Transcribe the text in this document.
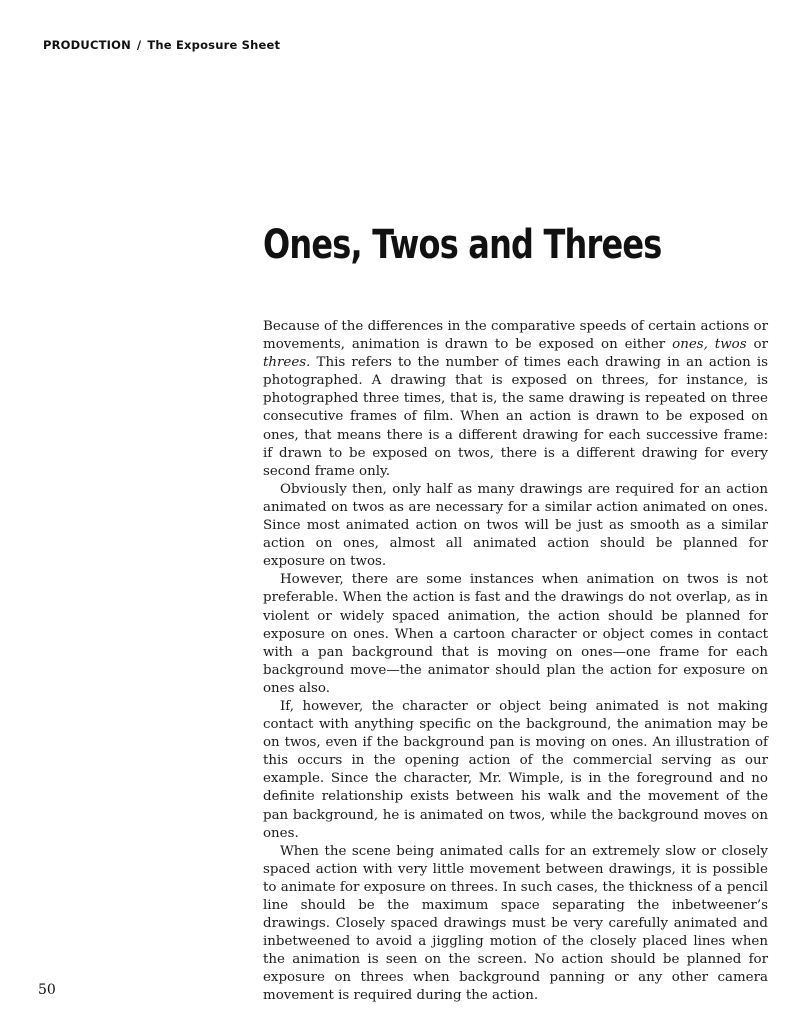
PRODUCTION / The Exposure Sheet
Ones, Twos and Threes

Because of the differences in the comparative speeds of certain actions or movements, animation is drawn to be exposed on either ones, twos or threes. This refers to the number of times each drawing in an action is photographed. A drawing that is exposed on threes, for instance, is photographed three times, that is, the same drawing is repeated on three consecutive frames of film. When an action is drawn to be exposed on ones, that means there is a different drawing for each successive frame: if drawn to be exposed on twos, there is a different drawing for every second frame only.

Obviously then, only half as many drawings are required for an action animated on twos as are necessary for a similar action animated on ones. Since most animated action on twos will be just as smooth as a similar action on ones, almost all animated action should be planned for exposure on twos.

However, there are some instances when animation on twos is not preferable. When the action is fast and the drawings do not overlap, as in violent or widely spaced animation, the action should be planned for exposure on ones. When a cartoon character or object comes in contact with a pan background that is moving on ones—one frame for each background move—the animator should plan the action for exposure on ones also.

If, however, the character or object being animated is not making contact with anything specific on the background, the animation may be on twos, even if the background pan is moving on ones. An illustration of this occurs in the opening action of the commercial serving as our example. Since the character, Mr. Wimple, is in the foreground and no definite relationship exists between his walk and the movement of the pan background, he is animated on twos, while the background moves on ones.

When the scene being animated calls for an extremely slow or closely spaced action with very little movement between drawings, it is possible to animate for exposure on threes. In such cases, the thickness of a pencil line should be the maximum space separating the inbetweener’s drawings. Closely spaced drawings must be very carefully animated and inbetweened to avoid a jiggling motion of the closely placed lines when the animation is seen on the screen. No action should be planned for exposure on threes when background panning or any other camera movement is required during the action.

50
